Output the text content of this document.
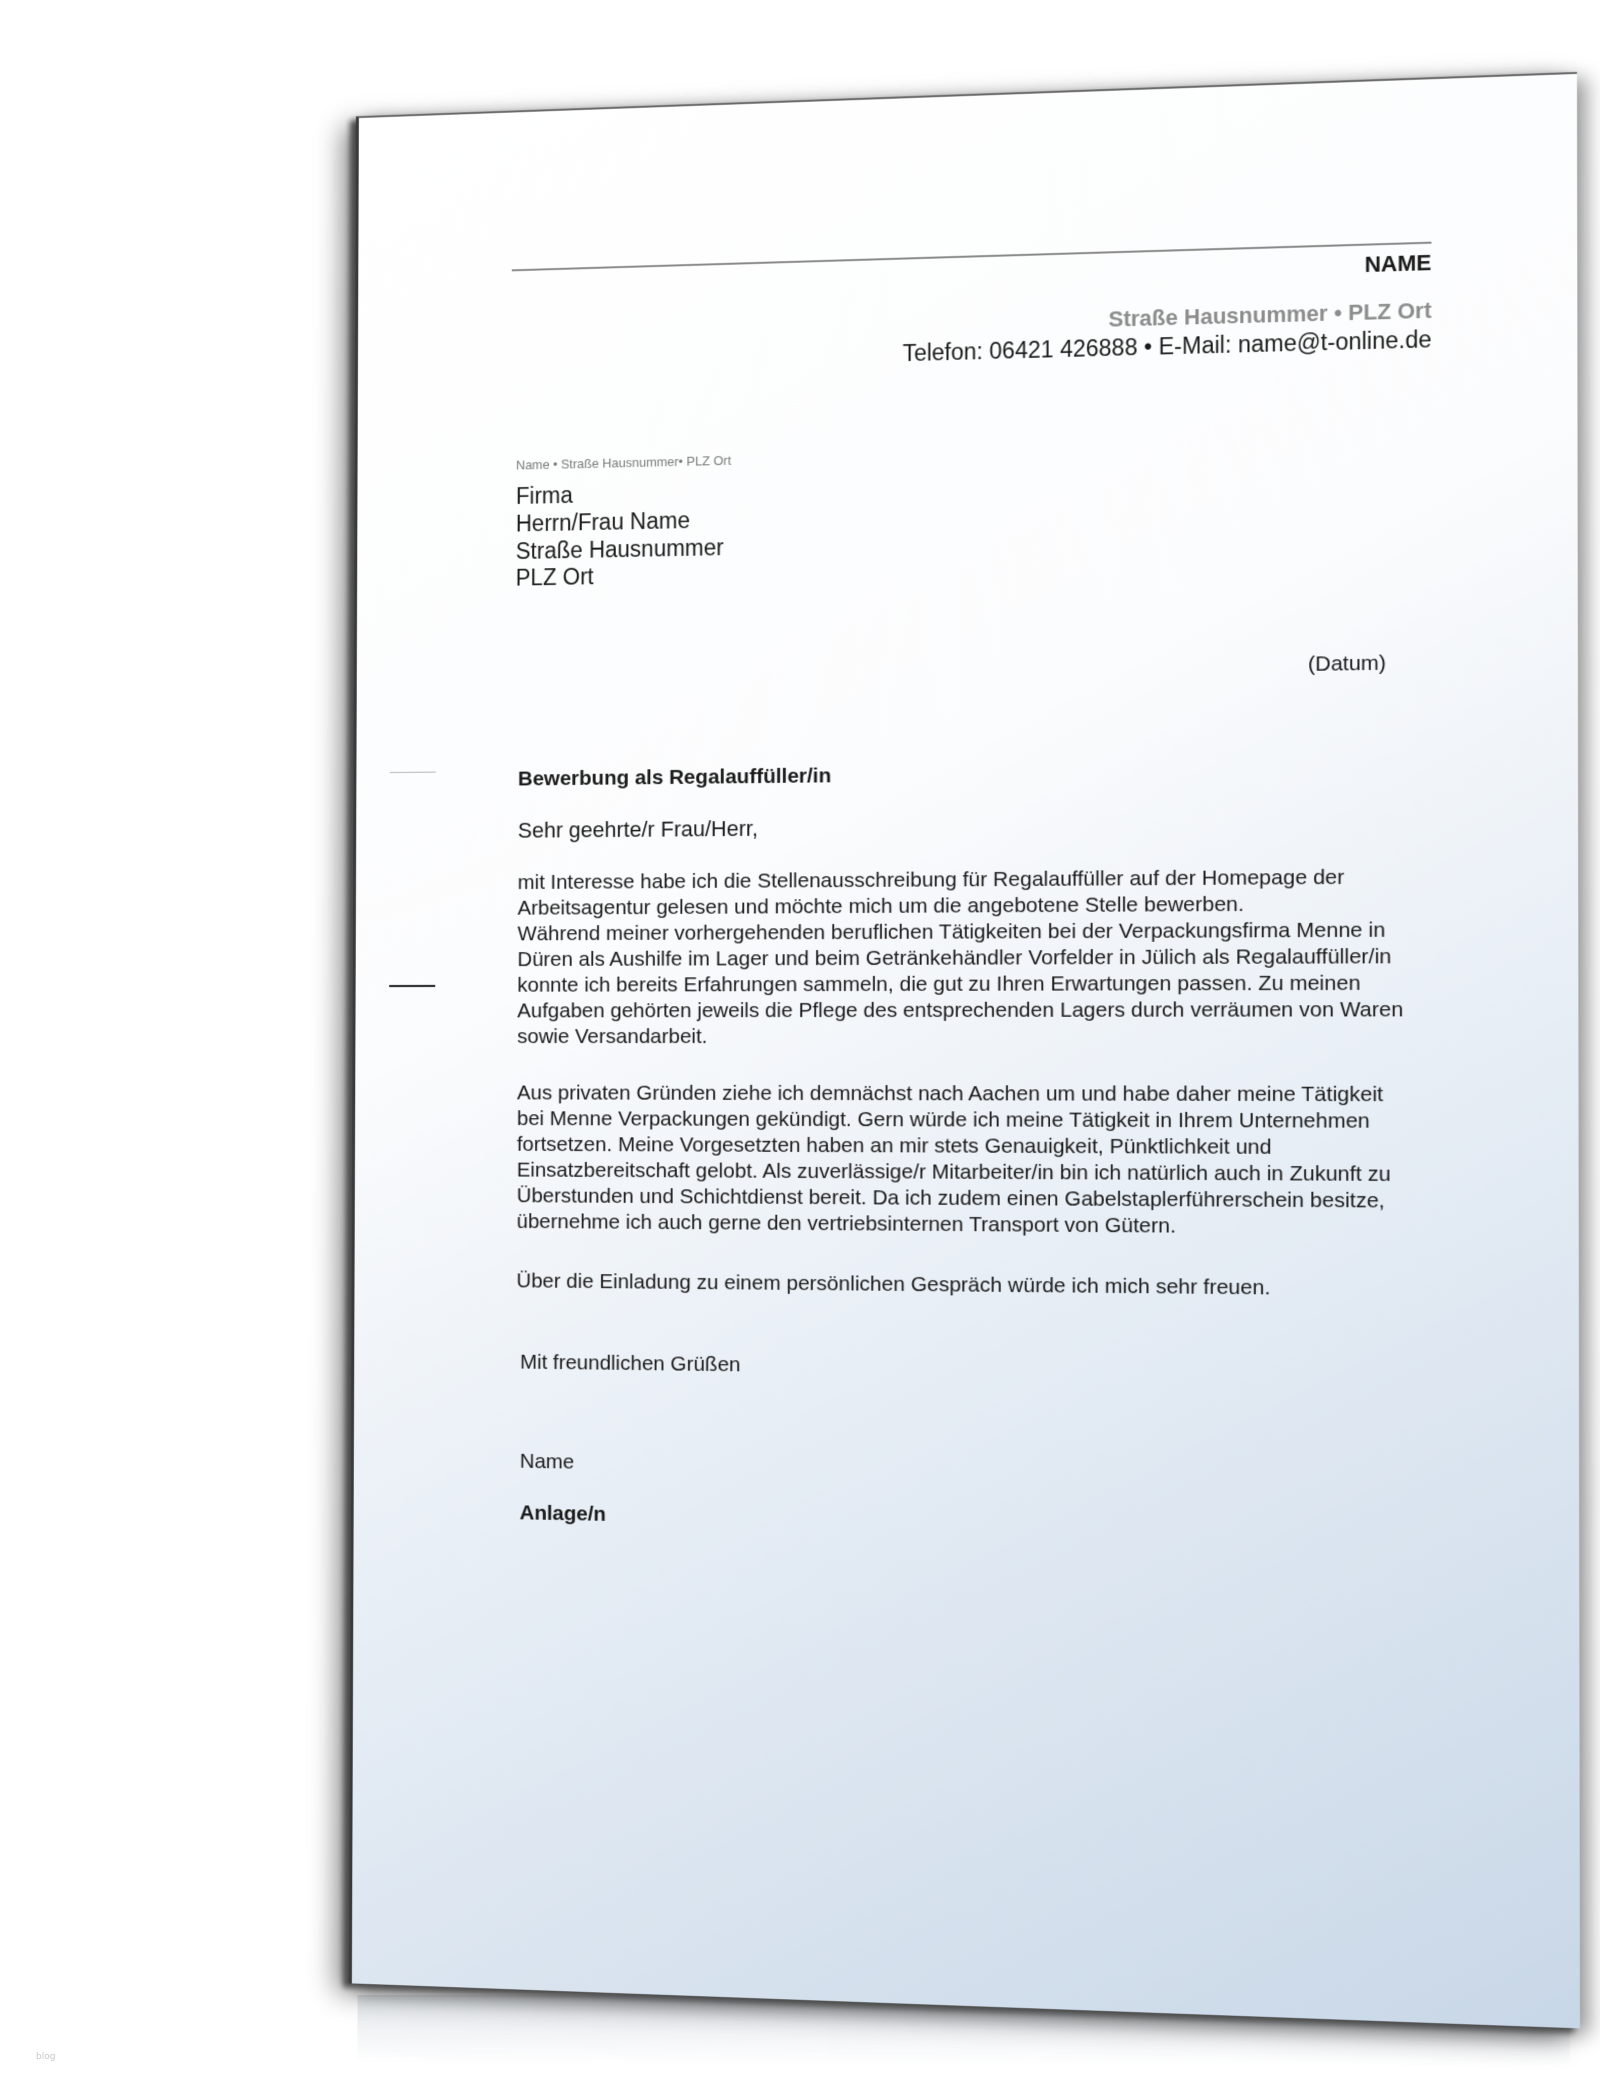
NAME
Straße Hausnummer • PLZ Ort
Telefon: 06421 426888 • E-Mail: name@t-online.de
Name • Straße Hausnummer• PLZ Ort
Firma
Herrn/Frau Name
Straße Hausnummer
PLZ Ort
(Datum)
Bewerbung als Regalauffüller/in
Sehr geehrte/r Frau/Herr,
mit Interesse habe ich die Stellenausschreibung für Regalauffüller auf der Homepage der
Arbeitsagentur gelesen und möchte mich um die angebotene Stelle bewerben.
Während meiner vorhergehenden beruflichen Tätigkeiten bei der Verpackungsfirma Menne in
Düren als Aushilfe im Lager und beim Getränkehändler Vorfelder in Jülich als Regalauffüller/in
konnte ich bereits Erfahrungen sammeln, die gut zu Ihren Erwartungen passen. Zu meinen
Aufgaben gehörten jeweils die Pflege des entsprechenden Lagers durch verräumen von Waren
sowie Versandarbeit.
Aus privaten Gründen ziehe ich demnächst nach Aachen um und habe daher meine Tätigkeit
bei Menne Verpackungen gekündigt. Gern würde ich meine Tätigkeit in Ihrem Unternehmen
fortsetzen. Meine Vorgesetzten haben an mir stets Genauigkeit, Pünktlichkeit und
Einsatzbereitschaft gelobt. Als zuverlässige/r Mitarbeiter/in bin ich natürlich auch in Zukunft zu
Überstunden und Schichtdienst bereit. Da ich zudem einen Gabelstaplerführerschein besitze,
übernehme ich auch gerne den vertriebsinternen Transport von Gütern.
Über die Einladung zu einem persönlichen Gespräch würde ich mich sehr freuen.
Mit freundlichen Grüßen
Name
Anlage/n
blog
